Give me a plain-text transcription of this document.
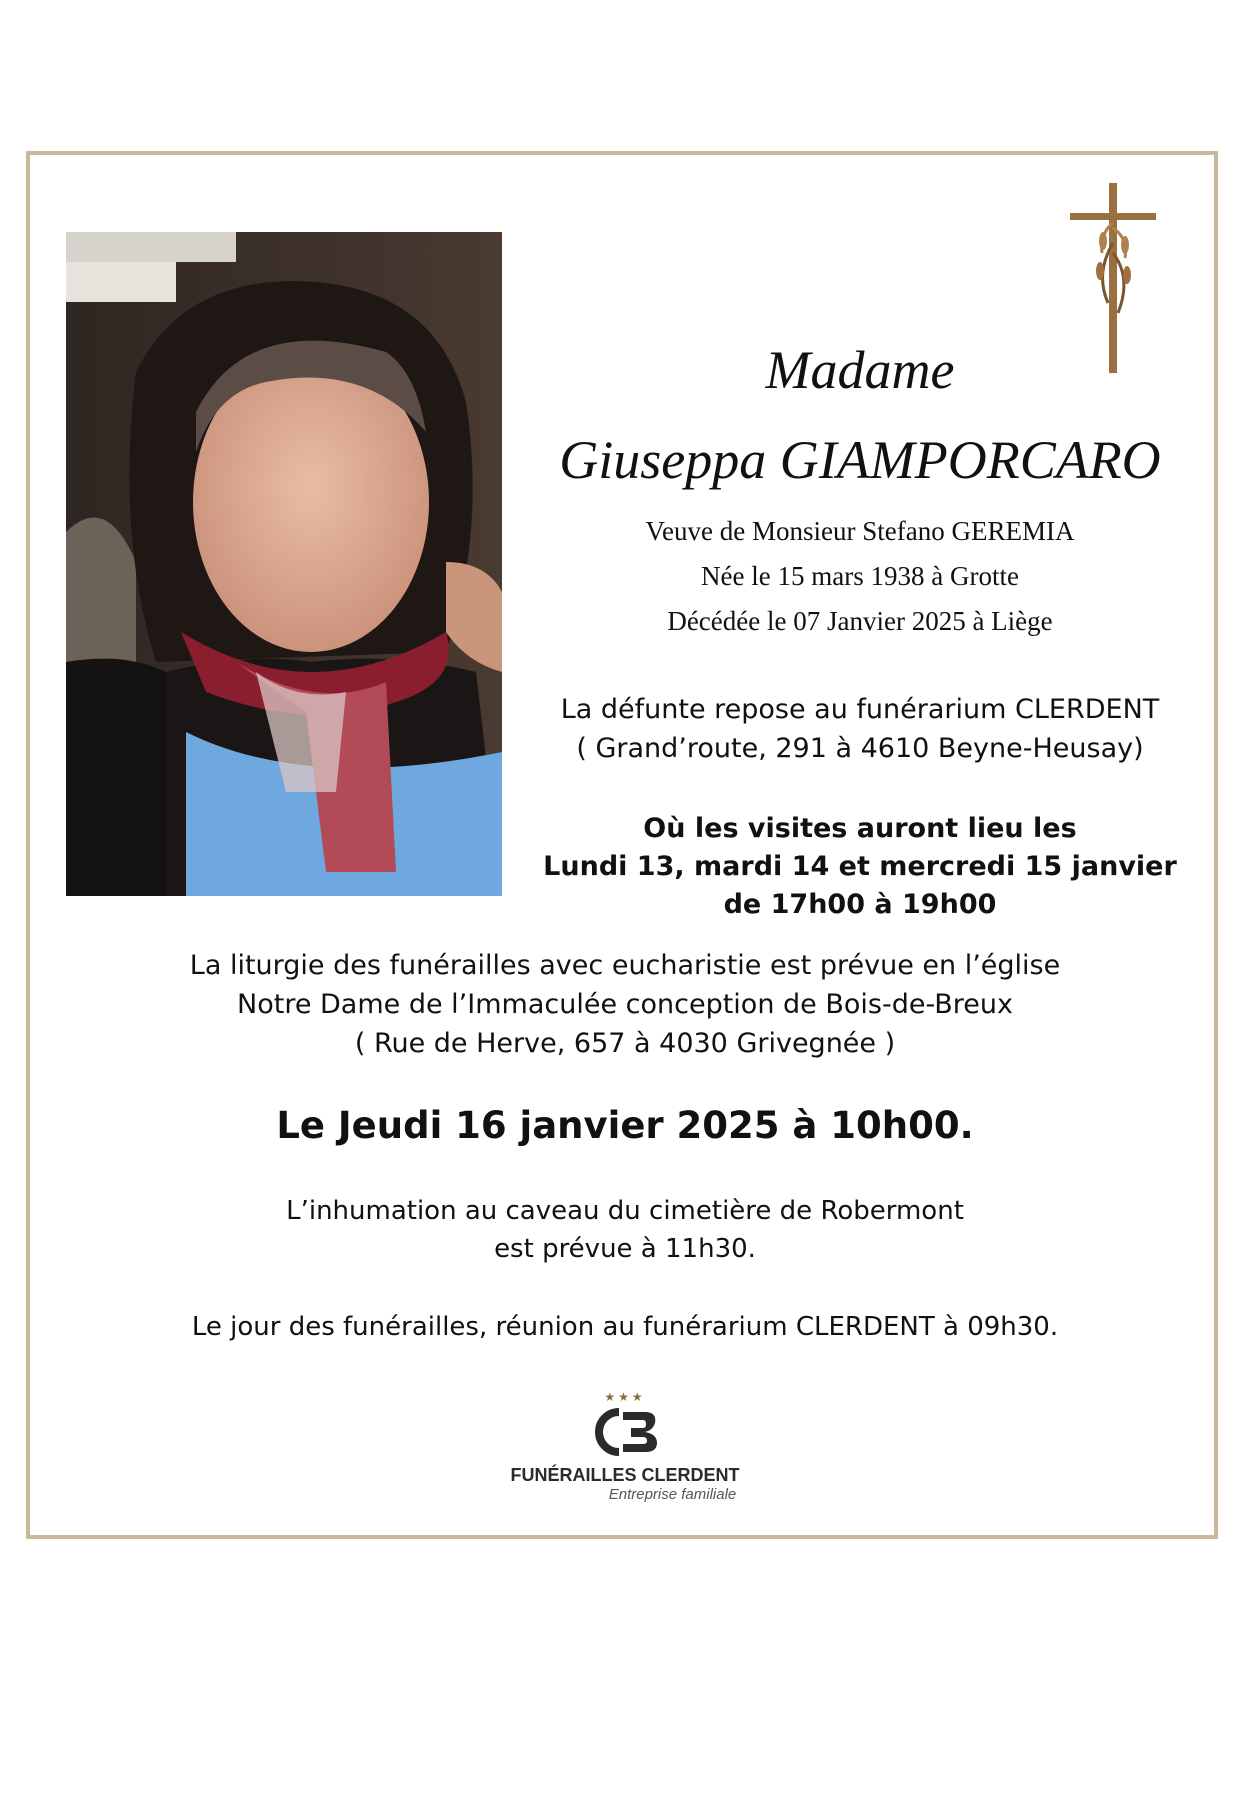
Madame
Giuseppa GIAMPORCARO
Veuve de Monsieur Stefano GEREMIA
Née le 15 mars 1938 à Grotte
Décédée le 07 Janvier 2025 à Liège
La défunte repose au funérarium CLERDENT
( Grand’route, 291 à 4610 Beyne-Heusay)
Où les visites auront lieu les
Lundi 13, mardi 14 et mercredi 15 janvier
de 17h00 à 19h00
La liturgie des funérailles avec eucharistie est prévue en l’église
Notre Dame de l’Immaculée conception de Bois-de-Breux
( Rue de Herve, 657 à 4030 Grivegnée )
Le Jeudi 16 janvier 2025 à 10h00.
L’inhumation au caveau du cimetière de Robermont
est prévue à 11h30.
Le jour des funérailles, réunion au funérarium CLERDENT à 09h30.
★★★
FUNÉRAILLES CLERDENT
Entreprise familiale
